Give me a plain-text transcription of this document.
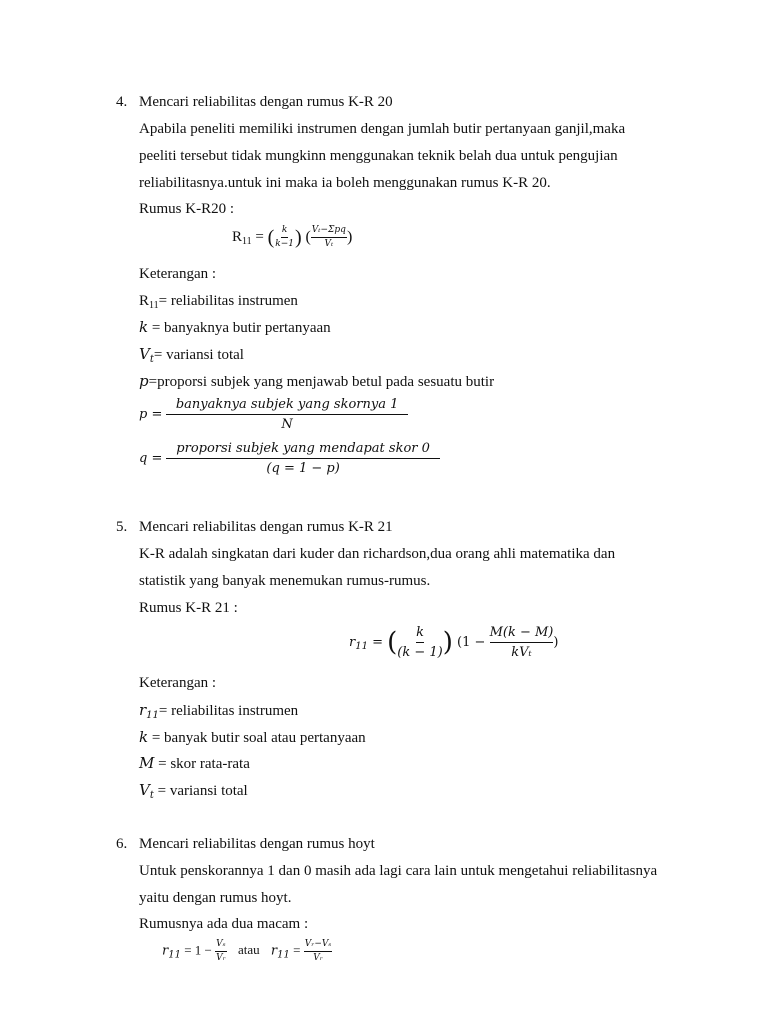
4. Mencari reliabilitas dengan rumus K-R 20
Apabila peneliti memiliki instrumen dengan jumlah butir pertanyaan ganjil,maka
peeliti tersebut tidak mungkinn menggunakan teknik belah dua untuk pengujian
reliabilitasnya.untuk ini maka ia boleh menggunakan rumus K-R 20.
Rumus K-R20 :
$R_{11}$ = ( $\frac{k}{k-1}$ ) ( $\frac{\text{Vₜ−Σpq}}{\text{Vₜ}}$ )
Keterangan :
$R_{11}=$ reliabilitas instrumen
k = banyaknya butir pertanyaan
$V_t=$ variansi total
p=proporsi subjek yang menjawab betul pada sesuatu butir
$p = \frac{\text{banyaknya subjek yang skornya 1}}{N}$
$q = \frac{\text{proporsi subjek yang mendapat skor 0}}{(q = 1 - p)}$
5. Mencari reliabilitas dengan rumus K-R 21
K-R adalah singkatan dari kuder dan richardson,dua orang ahli matematika dan
statistik yang banyak menemukan rumus-rumus.
Rumus K-R 21 :
$r_{11}$ = ( $\frac{k}{(k - 1)}$ ) ($1 - \frac{M(k - M)}{\text{kVₜ}}$ )
Keterangan :
$r_{11}=$ reliabilitas instrumen
k = banyak butir soal atau pertanyaan
M = skor rata-rata
$V_t$ = variansi total
6. Mencari reliabilitas dengan rumus hoyt
Untuk penskorannya 1 dan 0 masih ada lagi cara lain untuk mengetahui reliabilitasnya
yaitu dengan rumus hoyt.
Rumusnya ada dua macam :
$r_{11} = 1 - \frac{\text{Vₛ}}{\text{Vᵣ}}$ atau $r_{11} = \frac{\text{Vᵣ−Vₛ}}{\text{Vᵣ}}$
